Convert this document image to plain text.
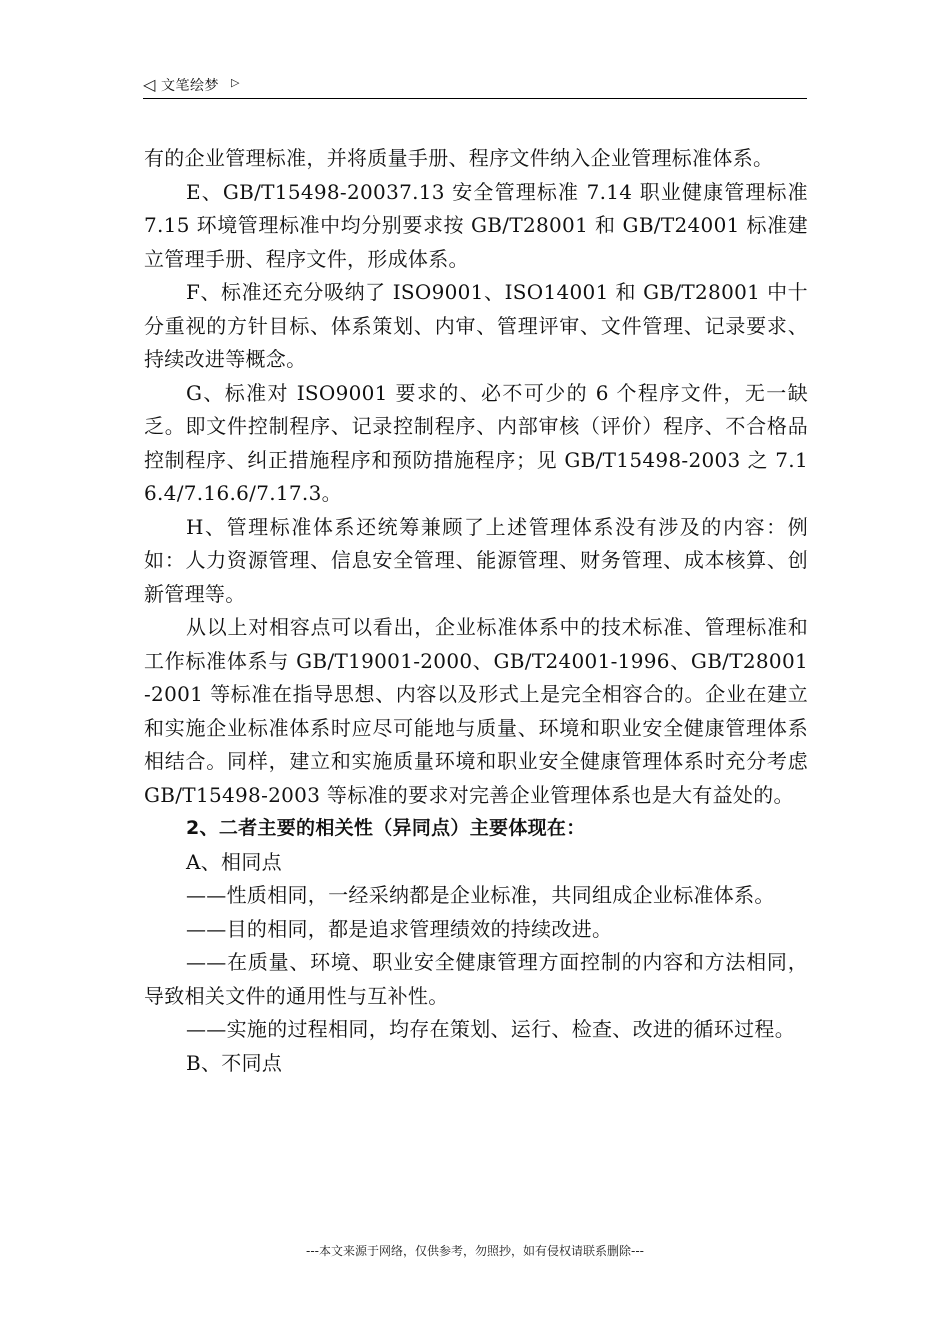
◁ 文笔绘梦 ▷

有的企业管理标准，并将质量手册、程序文件纳入企业管理标准体系。

E、GB/T15498-20037.13 安全管理标准 7.14 职业健康管理标准 7.15 环境管理标准中均分别要求按 GB/T28001 和 GB/T24001 标准建立管理手册、程序文件，形成体系。

F、标准还充分吸纳了 ISO9001、ISO14001 和 GB/T28001 中十分重视的方针目标、体系策划、内审、管理评审、文件管理、记录要求、持续改进等概念。

G、标准对 ISO9001 要求的、必不可少的 6 个程序文件，无一缺乏。即文件控制程序、记录控制程序、内部审核（评价）程序、不合格品控制程序、纠正措施程序和预防措施程序；见 GB/T15498-2003 之 7.16.4/7.16.6/7.17.3。

H、管理标准体系还统筹兼顾了上述管理体系没有涉及的内容：例如：人力资源管理、信息安全管理、能源管理、财务管理、成本核算、创新管理等。

从以上对相容点可以看出，企业标准体系中的技术标准、管理标准和工作标准体系与 GB/T19001-2000、GB/T24001-1996、GB/T28001-2001 等标准在指导思想、内容以及形式上是完全相容合的。企业在建立和实施企业标准体系时应尽可能地与质量、环境和职业安全健康管理体系相结合。同样，建立和实施质量环境和职业安全健康管理体系时充分考虑 GB/T15498-2003 等标准的要求对完善企业管理体系也是大有益处的。

2、二者主要的相关性（异同点）主要体现在：

A、相同点

——性质相同，一经采纳都是企业标准，共同组成企业标准体系。

——目的相同，都是追求管理绩效的持续改进。

——在质量、环境、职业安全健康管理方面控制的内容和方法相同，导致相关文件的通用性与互补性。

——实施的过程相同，均存在策划、运行、检查、改进的循环过程。

B、不同点

---本文来源于网络，仅供参考，勿照抄，如有侵权请联系删除---
